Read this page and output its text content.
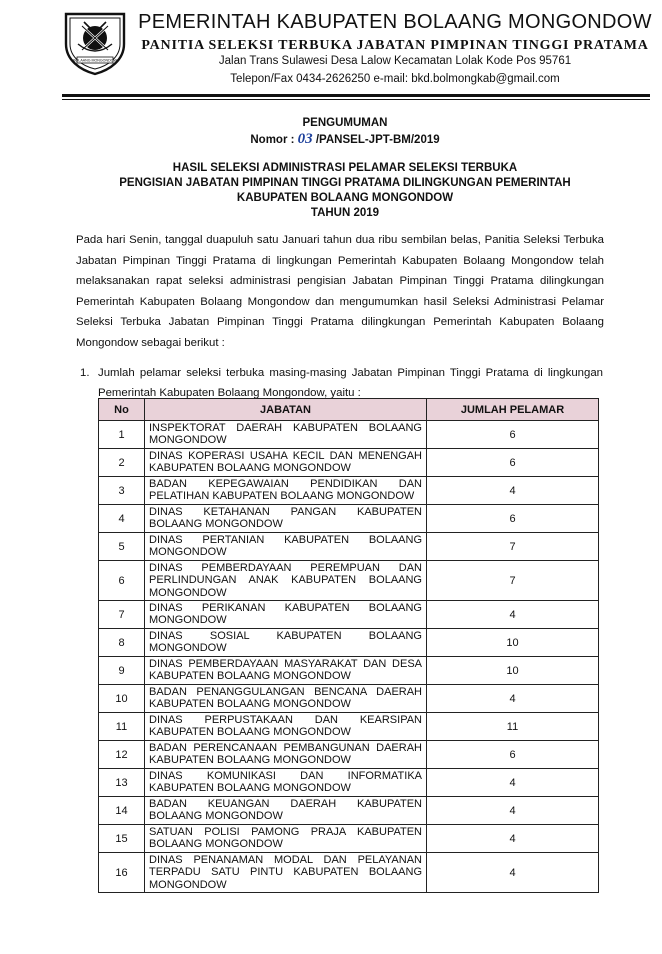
BOLAANG MONGONDOW
PEMERINTAH KABUPATEN BOLAANG MONGONDOW
PANITIA SELEKSI TERBUKA JABATAN PIMPINAN TINGGI PRATAMA
Jalan Trans Sulawesi Desa Lalow Kecamatan Lolak Kode Pos 95761
Telepon/Fax 0434-2626250 e-mail: bkd.bolmongkab@gmail.com
PENGUMUMAN
Nomor : 03 /PANSEL-JPT-BM/2019
HASIL SELEKSI ADMINISTRASI PELAMAR SELEKSI TERBUKA
PENGISIAN JABATAN PIMPINAN TINGGI PRATAMA DILINGKUNGAN PEMERINTAH
KABUPATEN BOLAANG MONGONDOW
TAHUN 2019
Pada hari Senin, tanggal duapuluh satu Januari tahun dua ribu sembilan belas, Panitia Seleksi Terbuka Jabatan Pimpinan Tinggi Pratama di lingkungan Pemerintah Kabupaten Bolaang Mongondow telah melaksanakan rapat seleksi administrasi pengisian Jabatan Pimpinan Tinggi Pratama dilingkungan Pemerintah Kabupaten Bolaang Mongondow dan mengumumkan hasil Seleksi Administrasi Pelamar Seleksi Terbuka Jabatan Pimpinan Tinggi Pratama dilingkungan Pemerintah Kabupaten Bolaang Mongondow sebagai berikut :
1. Jumlah pelamar seleksi terbuka masing-masing Jabatan Pimpinan Tinggi Pratama di lingkungan Pemerintah Kabupaten Bolaang Mongondow, yaitu :
No	JABATAN	JUMLAH PELAMAR
1	INSPEKTORAT DAERAH KABUPATEN BOLAANG MONGONDOW	6
2	DINAS KOPERASI USAHA KECIL DAN MENENGAH KABUPATEN BOLAANG MONGONDOW	6
3	BADAN KEPEGAWAIAN PENDIDIKAN DAN PELATIHAN KABUPATEN BOLAANG MONGONDOW	4
4	DINAS KETAHANAN PANGAN KABUPATEN BOLAANG MONGONDOW	6
5	DINAS PERTANIAN KABUPATEN BOLAANG MONGONDOW	7
6	DINAS PEMBERDAYAAN PEREMPUAN DAN PERLINDUNGAN ANAK KABUPATEN BOLAANG MONGONDOW	7
7	DINAS PERIKANAN KABUPATEN BOLAANG MONGONDOW	4
8	DINAS SOSIAL KABUPATEN BOLAANG MONGONDOW	10
9	DINAS PEMBERDAYAAN MASYARAKAT DAN DESA KABUPATEN BOLAANG MONGONDOW	10
10	BADAN PENANGGULANGAN BENCANA DAERAH KABUPATEN BOLAANG MONGONDOW	4
11	DINAS PERPUSTAKAAN DAN KEARSIPAN KABUPATEN BOLAANG MONGONDOW	11
12	BADAN PERENCANAAN PEMBANGUNAN DAERAH KABUPATEN BOLAANG MONGONDOW	6
13	DINAS KOMUNIKASI DAN INFORMATIKA KABUPATEN BOLAANG MONGONDOW	4
14	BADAN KEUANGAN DAERAH KABUPATEN BOLAANG MONGONDOW	4
15	SATUAN POLISI PAMONG PRAJA KABUPATEN BOLAANG MONGONDOW	4
16	DINAS PENANAMAN MODAL DAN PELAYANAN TERPADU SATU PINTU KABUPATEN BOLAANG MONGONDOW	4
